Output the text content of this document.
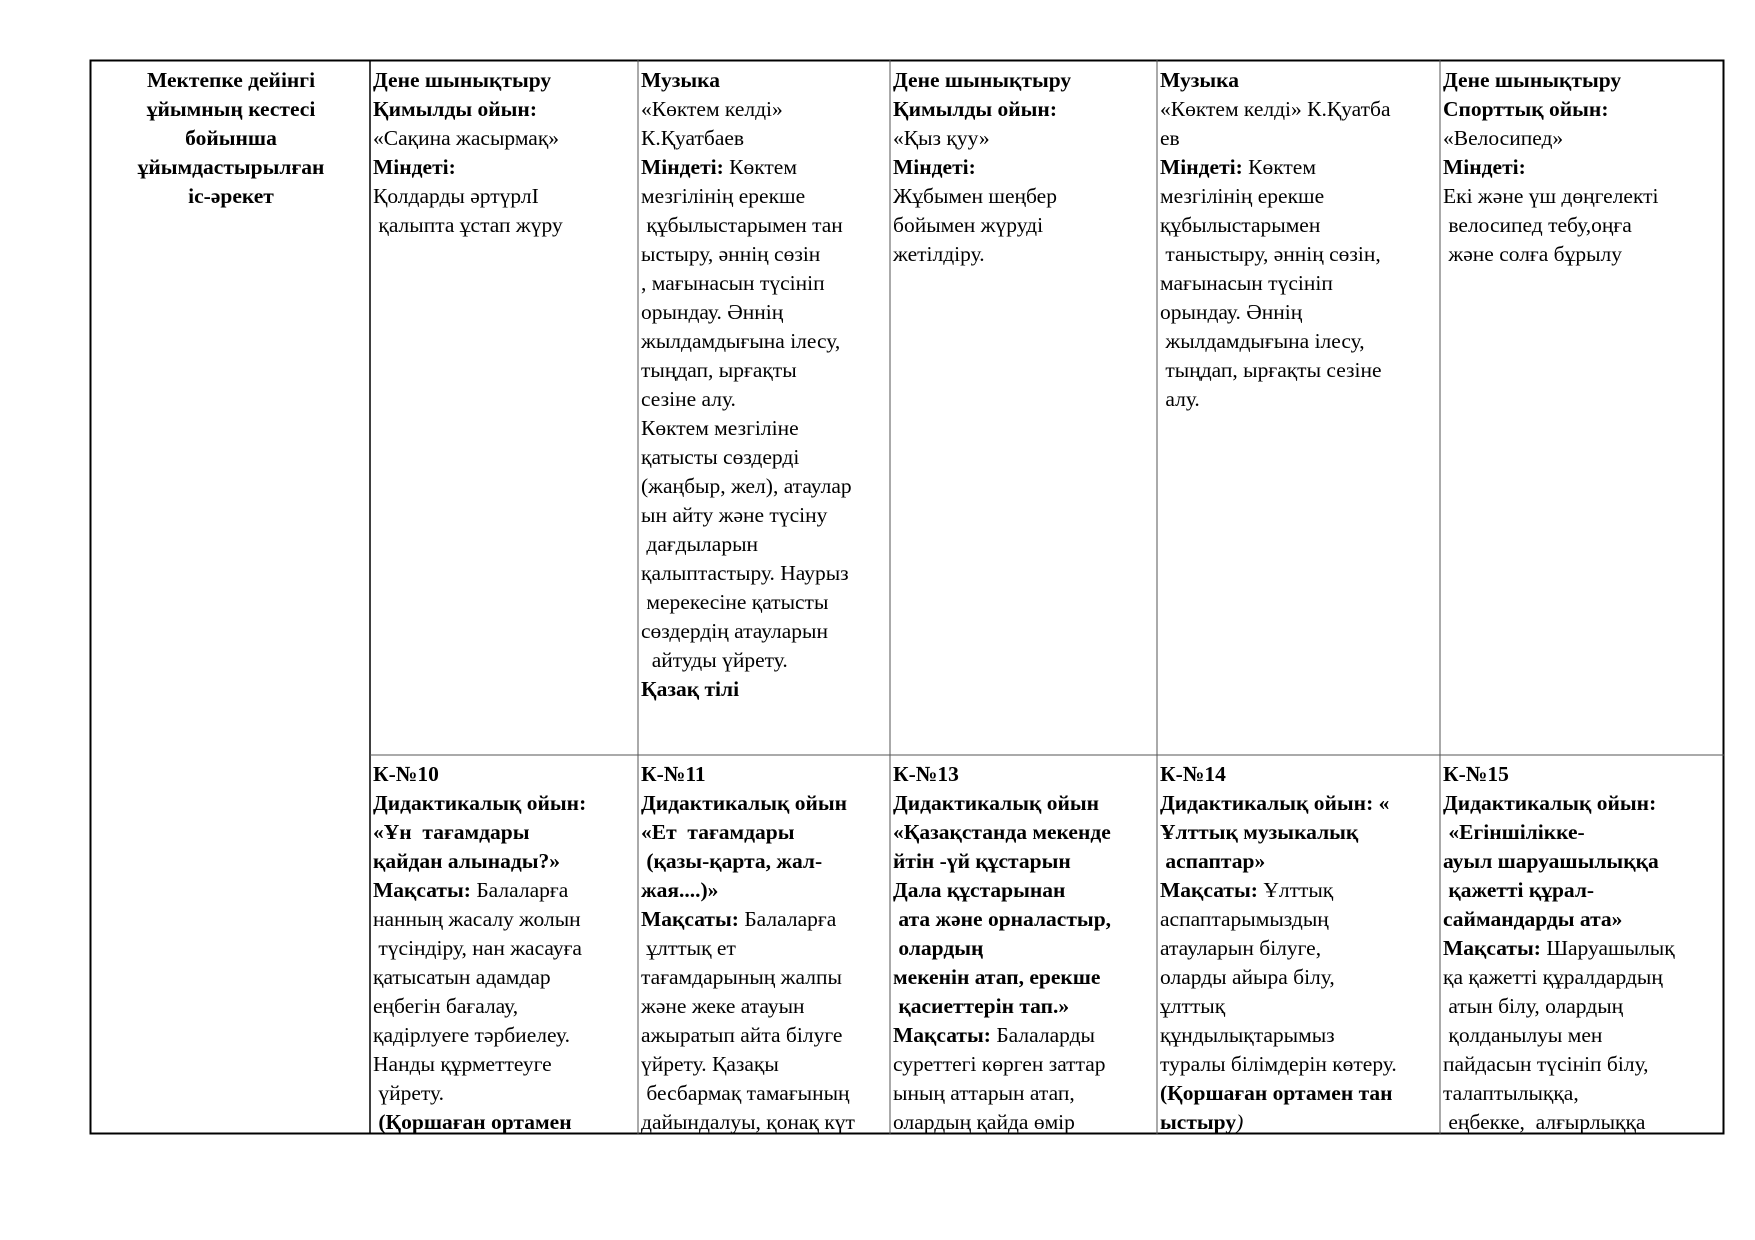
Мектепке дейінгі
ұйымның кестесі
бойынша
ұйымдастырылған
іс-әрекет
Дене шынықтыру
Қимылды ойын:
«Сақина жасырмақ»
Міндеті:
Қолдарды әртүрлІ
қалыпта ұстап жүру
Музыка
«Көктем келді»
К.Қуатбаев
Міндеті: Көктем
мезгілінің ерекше
құбылыстарымен тан
ыстыру, әннің сөзін
, мағынасын түсініп
орындау. Әннің
жылдамдығына ілесу,
тыңдап, ырғақты
сезіне алу.
Көктем мезгіліне
қатысты сөздерді
(жаңбыр, жел), атаулар
ын айту және түсіну
дағдыларын
қалыптастыру. Наурыз
мерекесіне қатысты
сөздердің атауларын
айтуды үйрету.
Қазақ тілі
Дене шынықтыру
Қимылды ойын:
«Қыз қуу»
Міндеті:
Жұбымен шеңбер
бойымен жүруді
жетілдіру.
Музыка
«Көктем келді» К.Қуатба
ев
Міндеті: Көктем
мезгілінің ерекше
құбылыстарымен
таныстыру, әннің сөзін,
мағынасын түсініп
орындау. Әннің
жылдамдығына ілесу,
тыңдап, ырғақты сезіне
алу.
Дене шынықтыру
Спорттық ойын:
«Велосипед»
Міндеті:
Екі және үш дөңгелекті
велосипед тебу,оңға
және солға бұрылу
К-№10
Дидактикалық ойын:
«Ұн  тағамдары
қайдан алынады?»
Мақсаты: Балаларға
нанның жасалу жолын
түсіндіру, нан жасауға
қатысатын адамдар
еңбегін бағалау,
қадірлуеге тәрбиелеу.
Нанды құрметтеуге
үйрету.
(Қоршаған ортамен
К-№11
Дидактикалық ойын
«Ет  тағамдары
(қазы-қарта, жал-
жая....)»
Мақсаты: Балаларға
ұлттық ет
тағамдарының жалпы
және жеке атауын
ажыратып айта білуге
үйрету. Қазақы
бесбармақ тамағының
дайындалуы, қонақ күт
К-№13
Дидактикалық ойын
«Қазақстанда мекенде
йтін -үй құстарын
Дала құстарынан
ата және орналастыр,
олардың
мекенін атап, ерекше
қасиеттерін тап.»
Мақсаты: Балаларды
суреттегі көрген заттар
ының аттарын атап,
олардың қайда өмір
К-№14
Дидактикалық ойын: «
Ұлттық музыкалық
аспаптар»
Мақсаты: Ұлттық
аспаптарымыздың
атауларын білуге,
оларды айыра білу,
ұлттық
құндылықтарымыз
туралы білімдерін көтеру.
(Қоршаған ортамен тан
ыстыру)
К-№15
Дидактикалық ойын:
«Егіншілікке-
ауыл шаруашылыққа
қажетті құрал-
саймандарды ата»
Мақсаты: Шаруашылық
қа қажетті құралдардың
атын білу, олардың
қолданылуы мен
пайдасын түсініп білу,
талаптылыққа,
еңбекке,  алғырлыққа
